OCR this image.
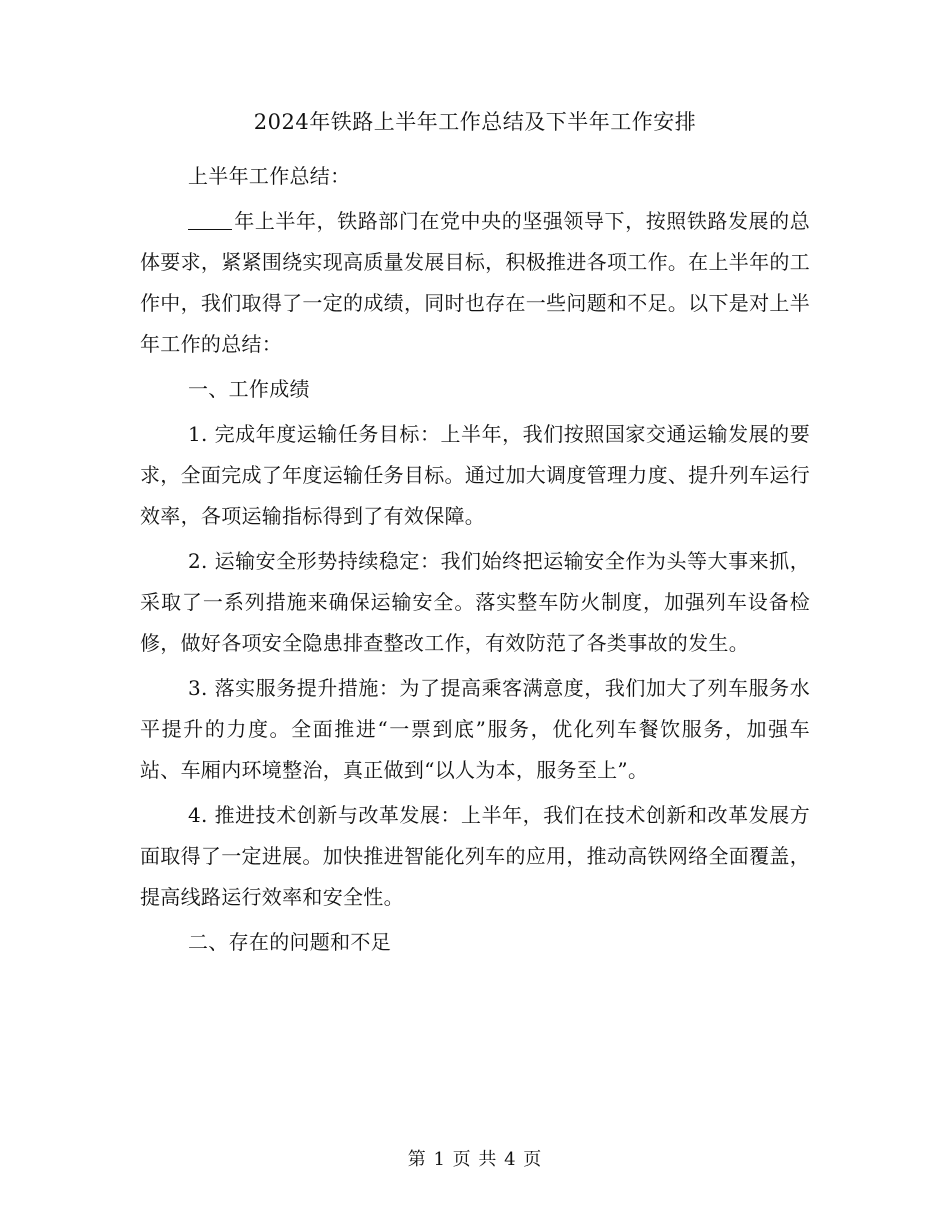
2024年铁路上半年工作总结及下半年工作安排

上半年工作总结：

年上半年，铁路部门在党中央的坚强领导下，按照铁路发展的总体要求，紧紧围绕实现高质量发展目标，积极推进各项工作。在上半年的工作中，我们取得了一定的成绩，同时也存在一些问题和不足。以下是对上半年工作的总结：

一、工作成绩

1. 完成年度运输任务目标：上半年，我们按照国家交通运输发展的要求，全面完成了年度运输任务目标。通过加大调度管理力度、提升列车运行效率，各项运输指标得到了有效保障。

2. 运输安全形势持续稳定：我们始终把运输安全作为头等大事来抓，采取了一系列措施来确保运输安全。落实整车防火制度，加强列车设备检修，做好各项安全隐患排查整改工作，有效防范了各类事故的发生。

3. 落实服务提升措施：为了提高乘客满意度，我们加大了列车服务水平提升的力度。全面推进“一票到底”服务，优化列车餐饮服务，加强车站、车厢内环境整治，真正做到“以人为本，服务至上”。

4. 推进技术创新与改革发展：上半年，我们在技术创新和改革发展方面取得了一定进展。加快推进智能化列车的应用，推动高铁网络全面覆盖，提高线路运行效率和安全性。

二、存在的问题和不足

第 1 页 共 4 页
